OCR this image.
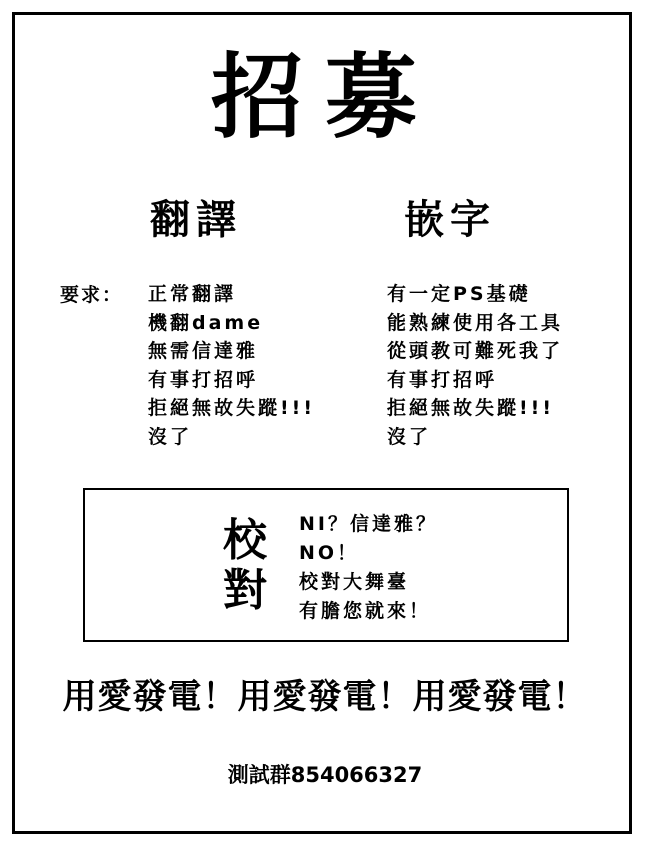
招募
翻譯	嵌字
要求： 正常翻譯
機翻dame
無需信達雅
有事打招呼
拒絕無故失蹤!!!
沒了
有一定PS基礎
能熟練使用各工具
從頭教可難死我了
有事打招呼
拒絕無故失蹤!!!
沒了
校
對
NI？信達雅？
NO！
校對大舞臺
有膽您就來！
用愛發電！用愛發電！用愛發電！
測試群854066327
